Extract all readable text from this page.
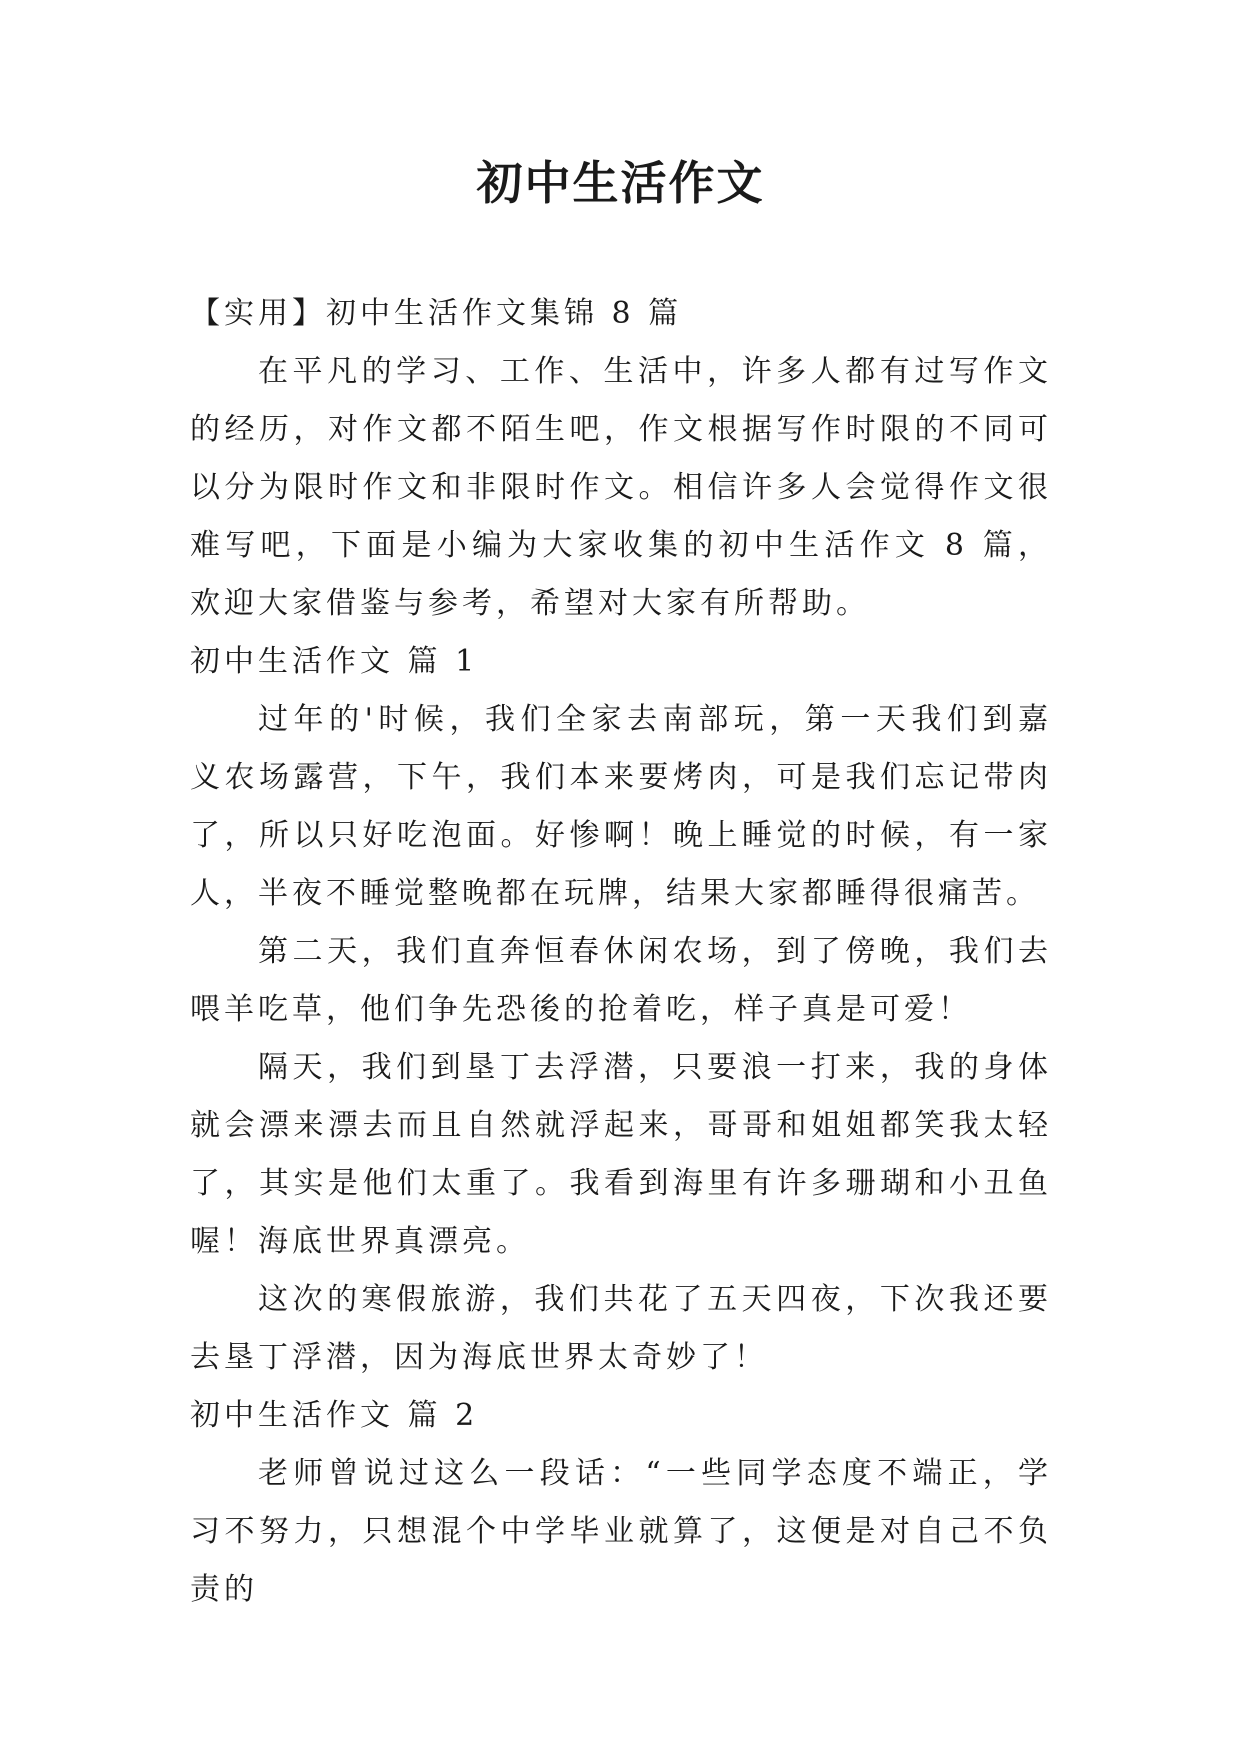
初中生活作文

【实用】初中生活作文集锦 8 篇

在平凡的学习、工作、生活中，许多人都有过写作文的经历，对作文都不陌生吧，作文根据写作时限的不同可以分为限时作文和非限时作文。相信许多人会觉得作文很难写吧，下面是小编为大家收集的初中生活作文 8 篇，欢迎大家借鉴与参考，希望对大家有所帮助。

初中生活作文 篇 1

过年的'时候，我们全家去南部玩，第一天我们到嘉义农场露营，下午，我们本来要烤肉，可是我们忘记带肉了，所以只好吃泡面。好惨啊！晚上睡觉的时候，有一家人，半夜不睡觉整晚都在玩牌，结果大家都睡得很痛苦。

第二天，我们直奔恒春休闲农场，到了傍晚，我们去喂羊吃草，他们争先恐後的抢着吃，样子真是可爱！

隔天，我们到垦丁去浮潜，只要浪一打来，我的身体就会漂来漂去而且自然就浮起来，哥哥和姐姐都笑我太轻了，其实是他们太重了。我看到海里有许多珊瑚和小丑鱼喔！海底世界真漂亮。

这次的寒假旅游，我们共花了五天四夜，下次我还要去垦丁浮潜，因为海底世界太奇妙了！

初中生活作文 篇 2

老师曾说过这么一段话：“一些同学态度不端正，学习不努力，只想混个中学毕业就算了，这便是对自己不负责的
